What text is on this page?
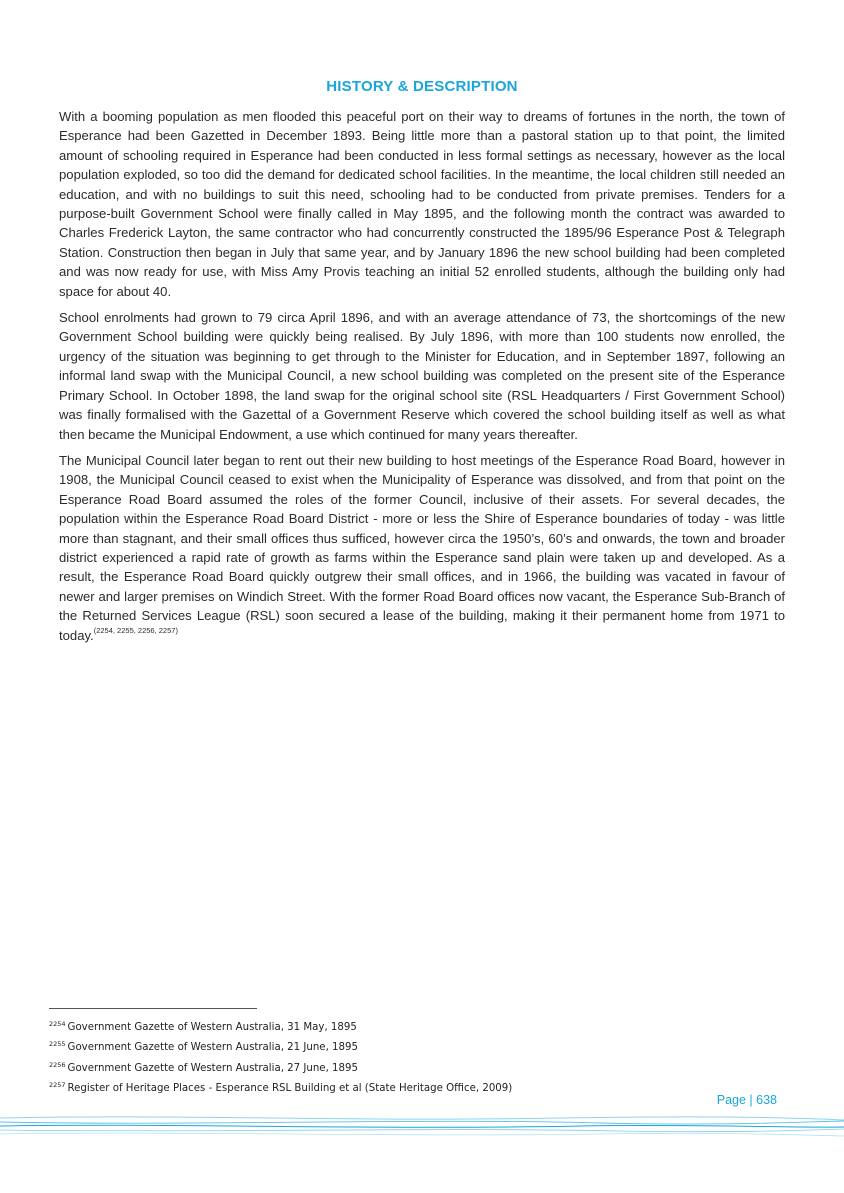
HISTORY & DESCRIPTION

With a booming population as men flooded this peaceful port on their way to dreams of fortunes in the north, the town of Esperance had been Gazetted in December 1893. Being little more than a pastoral station up to that point, the limited amount of schooling required in Esperance had been conducted in less formal settings as necessary, however as the local population exploded, so too did the demand for dedicated school facilities. In the meantime, the local children still needed an education, and with no buildings to suit this need, schooling had to be conducted from private premises. Tenders for a purpose-built Government School were finally called in May 1895, and the following month the contract was awarded to Charles Frederick Layton, the same contractor who had concurrently constructed the 1895/96 Esperance Post & Telegraph Station. Construction then began in July that same year, and by January 1896 the new school building had been completed and was now ready for use, with Miss Amy Provis teaching an initial 52 enrolled students, although the building only had space for about 40.

School enrolments had grown to 79 circa April 1896, and with an average attendance of 73, the shortcomings of the new Government School building were quickly being realised. By July 1896, with more than 100 students now enrolled, the urgency of the situation was beginning to get through to the Minister for Education, and in September 1897, following an informal land swap with the Municipal Council, a new school building was completed on the present site of the Esperance Primary School. In October 1898, the land swap for the original school site (RSL Headquarters / First Government School) was finally formalised with the Gazettal of a Government Reserve which covered the school building itself as well as what then became the Municipal Endowment, a use which continued for many years thereafter.

The Municipal Council later began to rent out their new building to host meetings of the Esperance Road Board, however in 1908, the Municipal Council ceased to exist when the Municipality of Esperance was dissolved, and from that point on the Esperance Road Board assumed the roles of the former Council, inclusive of their assets. For several decades, the population within the Esperance Road Board District - more or less the Shire of Esperance boundaries of today - was little more than stagnant, and their small offices thus sufficed, however circa the 1950’s, 60’s and onwards, the town and broader district experienced a rapid rate of growth as farms within the Esperance sand plain were taken up and developed. As a result, the Esperance Road Board quickly outgrew their small offices, and in 1966, the building was vacated in favour of newer and larger premises on Windich Street. With the former Road Board offices now vacant, the Esperance Sub-Branch of the Returned Services League (RSL) soon secured a lease of the building, making it their permanent home from 1971 to today.$^{(2254, 2255, 2256, 2257)}$

$^{2254}$ Government Gazette of Western Australia, 31 May, 1895
$^{2255}$ Government Gazette of Western Australia, 21 June, 1895
$^{2256}$ Government Gazette of Western Australia, 27 June, 1895
$^{2257}$ Register of Heritage Places - Esperance RSL Building et al (State Heritage Office, 2009)
Page | 638
